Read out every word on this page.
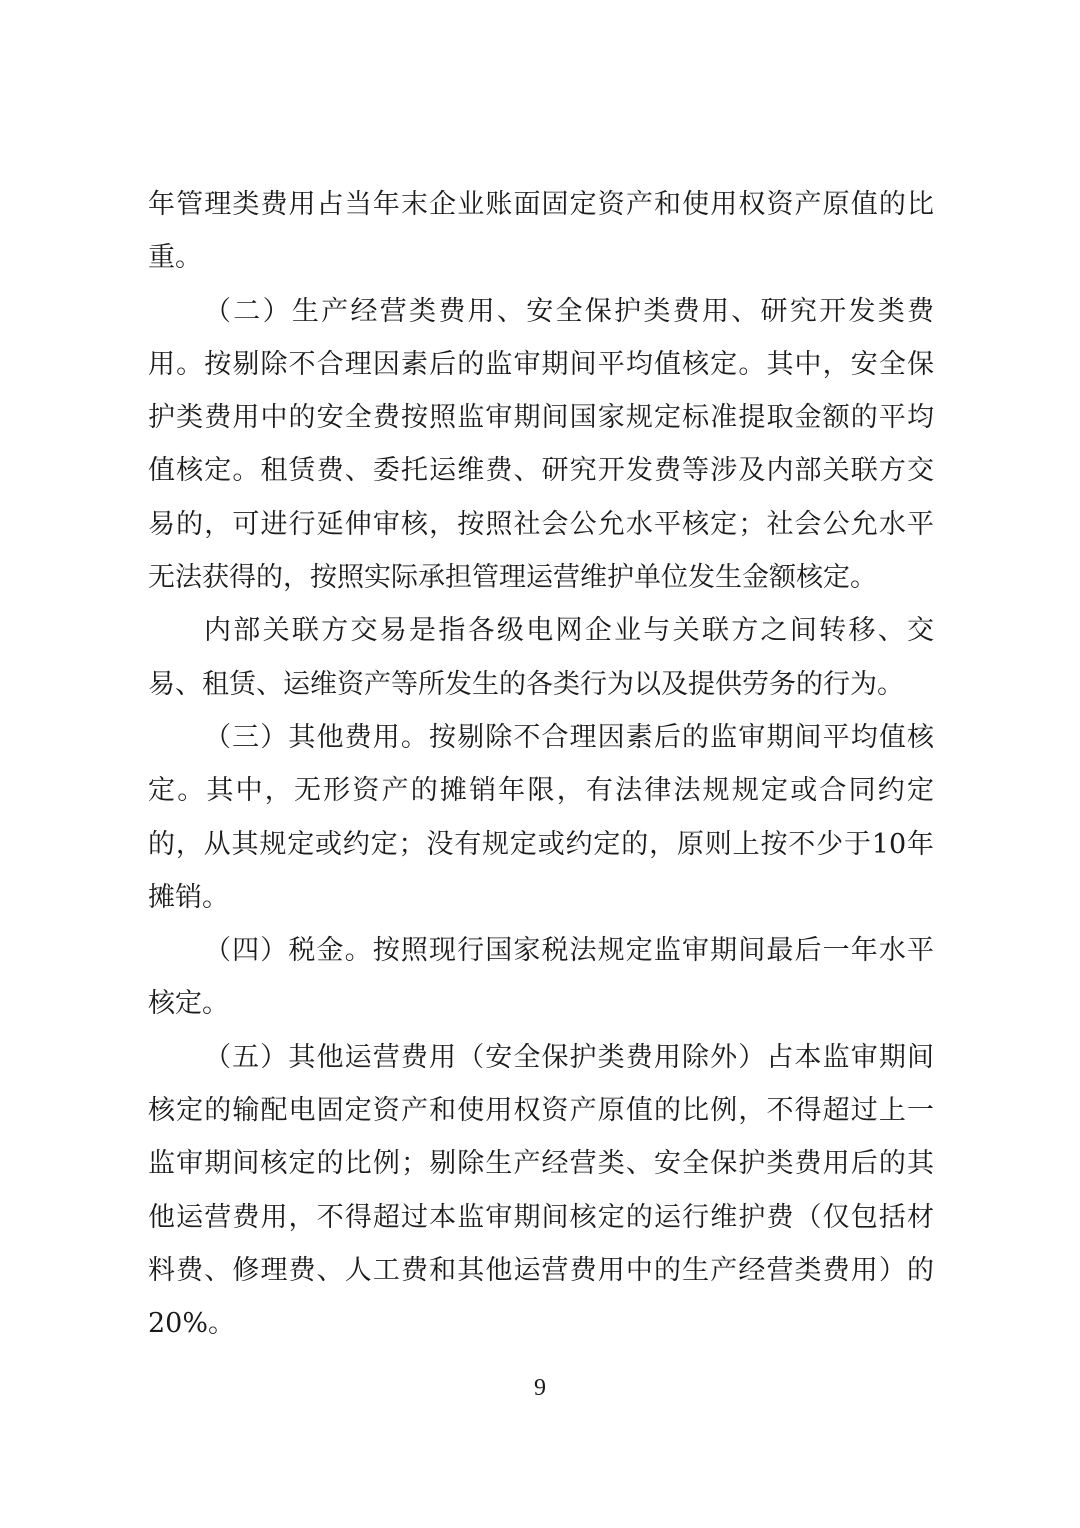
年管理类费用占当年末企业账面固定资产和使用权资产原值的比
重。
（二）生产经营类费用、安全保护类费用、研究开发类费
用。按剔除不合理因素后的监审期间平均值核定。其中，安全保
护类费用中的安全费按照监审期间国家规定标准提取金额的平均
值核定。租赁费、委托运维费、研究开发费等涉及内部关联方交
易的，可进行延伸审核，按照社会公允水平核定；社会公允水平
无法获得的，按照实际承担管理运营维护单位发生金额核定。
内部关联方交易是指各级电网企业与关联方之间转移、交
易、租赁、运维资产等所发生的各类行为以及提供劳务的行为。
（三）其他费用。按剔除不合理因素后的监审期间平均值核
定。其中，无形资产的摊销年限，有法律法规规定或合同约定
的，从其规定或约定；没有规定或约定的，原则上按不少于10年
摊销。
（四）税金。按照现行国家税法规定监审期间最后一年水平
核定。
（五）其他运营费用（安全保护类费用除外）占本监审期间
核定的输配电固定资产和使用权资产原值的比例，不得超过上一
监审期间核定的比例；剔除生产经营类、安全保护类费用后的其
他运营费用，不得超过本监审期间核定的运行维护费（仅包括材
料费、修理费、人工费和其他运营费用中的生产经营类费用）的
20%。
9
